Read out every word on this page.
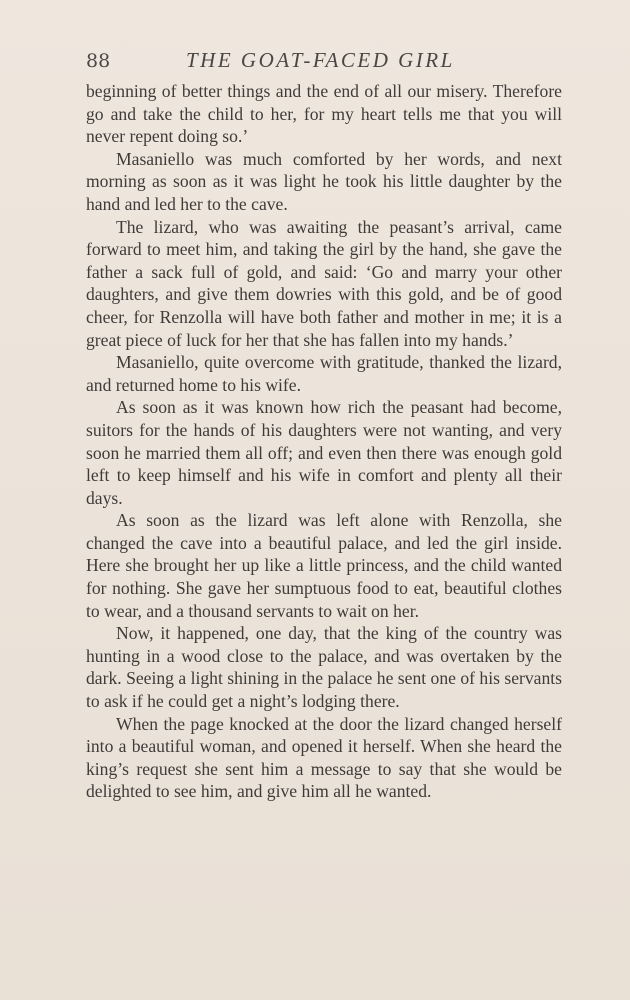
88	THE GOAT-FACED GIRL

beginning of better things and the end of all our misery. Therefore go and take the child to her, for my heart tells me that you will never repent doing so.’

Masaniello was much comforted by her words, and next morning as soon as it was light he took his little daughter by the hand and led her to the cave.

The lizard, who was awaiting the peasant’s arrival, came forward to meet him, and taking the girl by the hand, she gave the father a sack full of gold, and said: ‘Go and marry your other daughters, and give them dowries with this gold, and be of good cheer, for Renzolla will have both father and mother in me; it is a great piece of luck for her that she has fallen into my hands.’

Masaniello, quite overcome with gratitude, thanked the lizard, and returned home to his wife.

As soon as it was known how rich the peasant had become, suitors for the hands of his daughters were not wanting, and very soon he married them all off; and even then there was enough gold left to keep himself and his wife in comfort and plenty all their days.

As soon as the lizard was left alone with Renzolla, she changed the cave into a beautiful palace, and led the girl inside. Here she brought her up like a little princess, and the child wanted for nothing. She gave her sumptuous food to eat, beautiful clothes to wear, and a thousand servants to wait on her.

Now, it happened, one day, that the king of the country was hunting in a wood close to the palace, and was overtaken by the dark. Seeing a light shining in the palace he sent one of his servants to ask if he could get a night’s lodging there.

When the page knocked at the door the lizard changed herself into a beautiful woman, and opened it herself. When she heard the king’s request she sent him a message to say that she would be delighted to see him, and give him all he wanted.
